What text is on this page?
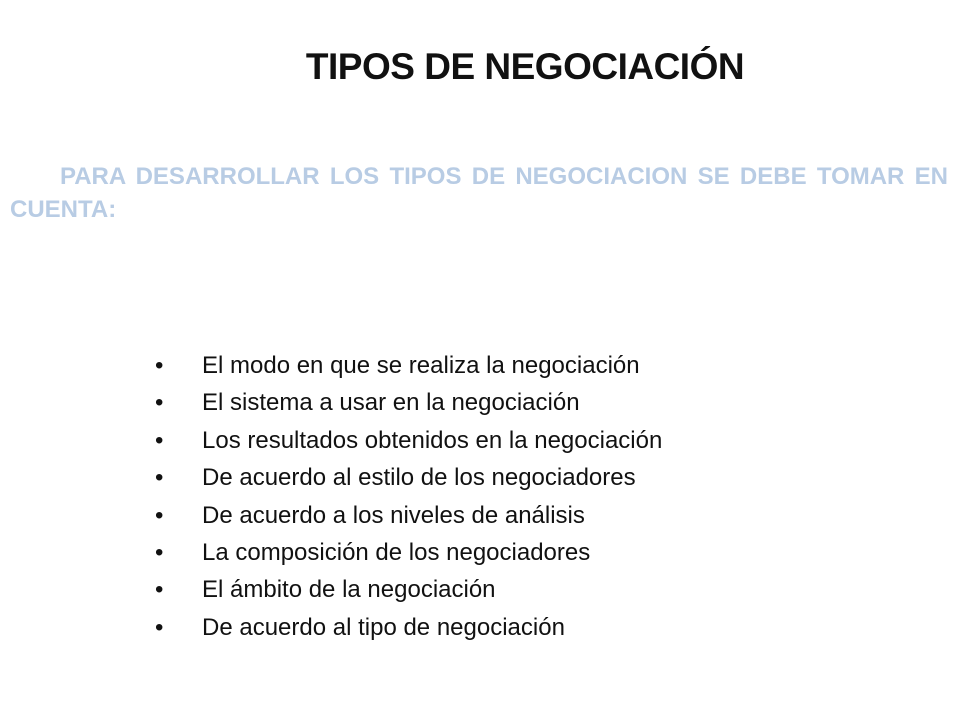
TIPOS DE NEGOCIACIÓN

PARA DESARROLLAR LOS TIPOS DE NEGOCIACION SE DEBE TOMAR EN CUENTA:

• El modo en que se realiza la negociación
• El sistema a usar en la negociación
• Los resultados obtenidos en la negociación
• De acuerdo al estilo de los negociadores
• De acuerdo a los niveles de análisis
• La composición de los negociadores
• El ámbito de la negociación
• De acuerdo al tipo de negociación
